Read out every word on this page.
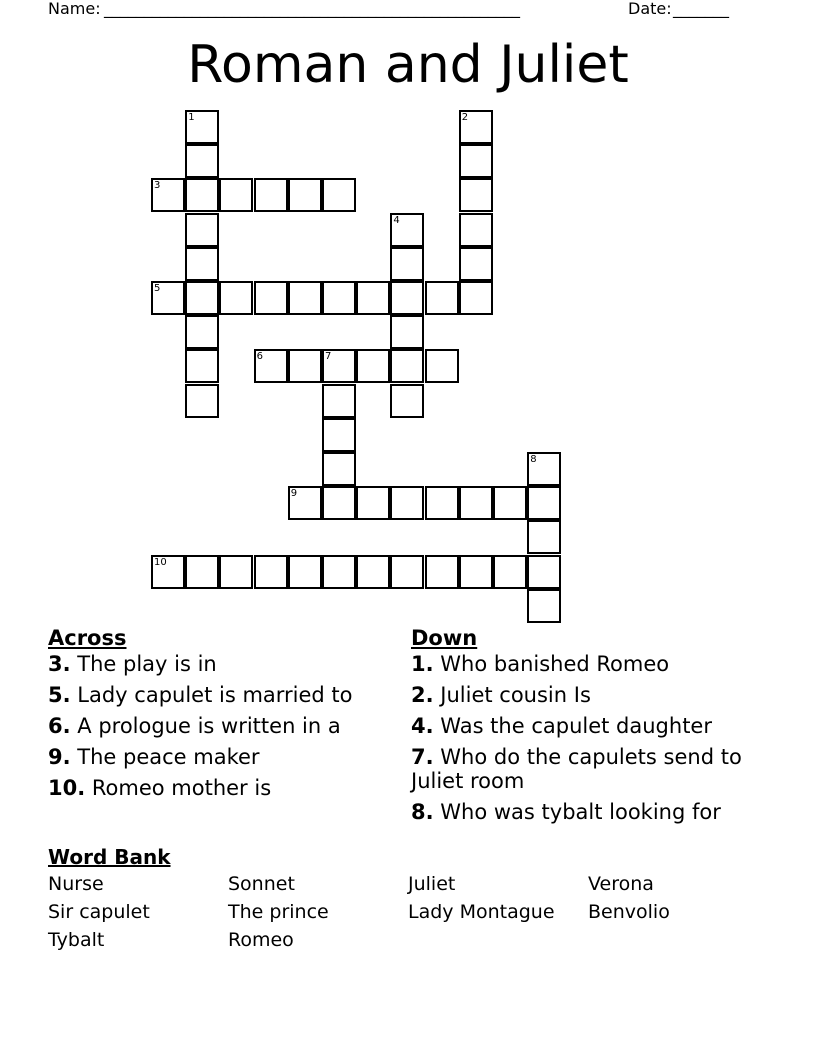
Name: ____________________________________________________	Date: _______
Roman and Juliet
1	2
3
4
5
6	7
8
9
10
Across
3. The play is in
5. Lady capulet is married to
6. A prologue is written in a
9. The peace maker
10. Romeo mother is
Down
1. Who banished Romeo
2. Juliet cousin Is
4. Was the capulet daughter
7. Who do the capulets send to Juliet room
8. Who was tybalt looking for
Word Bank
Nurse	Sonnet	Juliet	Verona
Sir capulet	The prince	Lady Montague	Benvolio
Tybalt	Romeo
